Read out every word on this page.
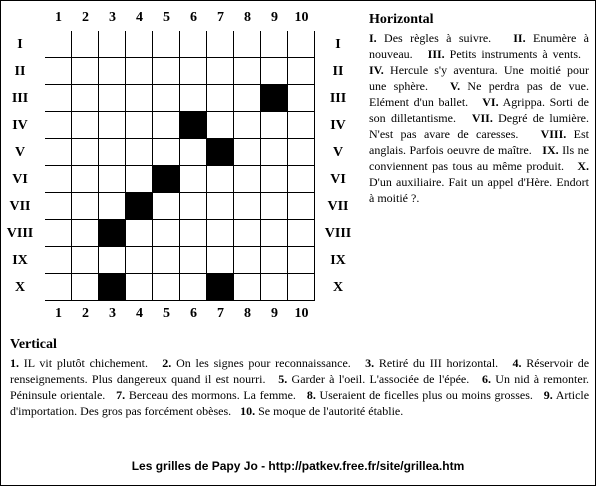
1	2	3	4	5	6	7	8	9	10
I
II
III
IV
V
VI
VII
VIII
IX
X
I
II
III
IV
V
VI
VII
VIII
IX
X
1	2	3	4	5	6	7	8	9	10
Horizontal
I. Des règles à suivre. II. Enumère à nouveau. III. Petits instruments à vents.   IV. Hercule s'y aventura. Une moitié pour une sphère. V. Ne perdra pas de vue. Elément d'un ballet. VI. Agrippa. Sorti de son dilletantisme. VII. Degré de lumière. N'est pas avare de caresses. VIII. Est anglais. Parfois oeuvre de maître. IX. Ils ne conviennent pas tous au même produit. X. D'un auxiliaire. Fait un appel d'Hère. Endort à moitié ?.
Vertical
1. IL vit plutôt chichement. 2. On les signes pour reconnaissance. 3. Retiré du III horizontal. 4. Réservoir de renseignements. Plus dangereux quand il est nourri. 5. Garder à l'oeil. L'associée de l'épée. 6. Un nid à remonter. Péninsule orientale. 7. Berceau des mormons. La femme. 8. Useraient de ficelles plus ou moins grosses. 9. Article d'importation. Des gros pas forcément obèses. 10. Se moque de l'autorité établie.
Les grilles de Papy Jo - http://patkev.free.fr/site/grillea.htm
